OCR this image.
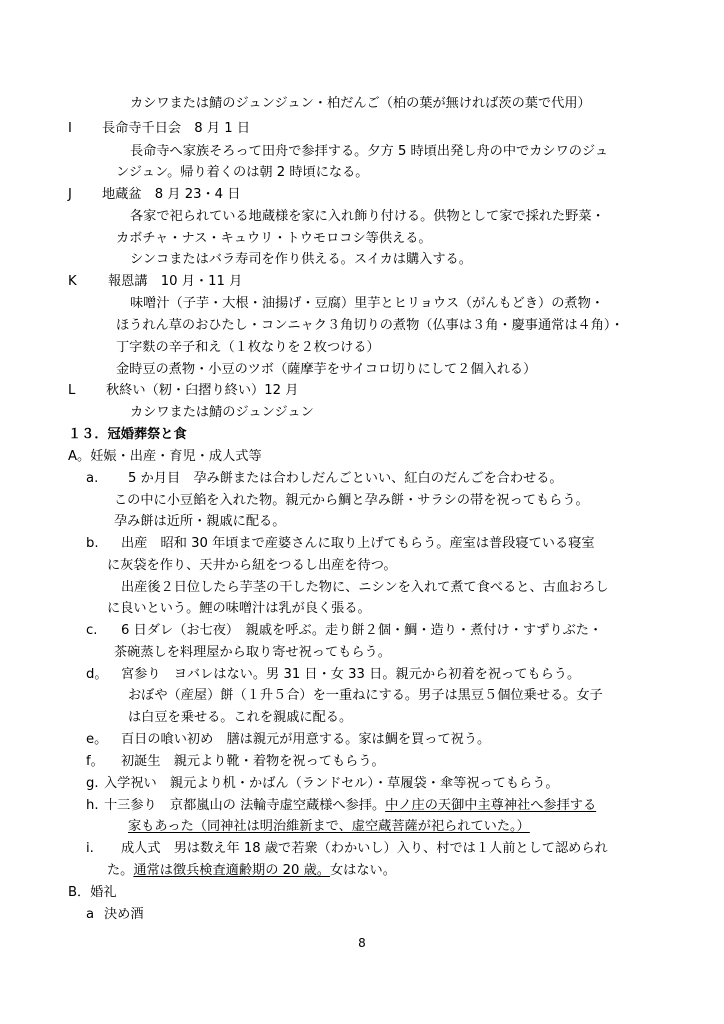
カシワまたは鯖のジュンジュン・柏だんご（柏の葉が無ければ茨の葉で代用）
I 長命寺千日会　8 月 1 日
長命寺へ家族そろって田舟で参拝する。夕方 5 時頃出発し舟の中でカシワのジュ
ンジュン。帰り着くのは朝 2 時頃になる。
J 地蔵盆　8 月 23・4 日
各家で祀られている地蔵様を家に入れ飾り付ける。供物として家で採れた野菜・
カボチャ・ナス・キュウリ・トウモロコシ等供える。
シンコまたはバラ寿司を作り供える。スイカは購入する。
K 報恩講　10 月・11 月
味噌汁（子芋・大根・油揚げ・豆腐）里芋とヒリョウス（がんもどき）の煮物・
ほうれん草のおひたし・コンニャク３角切りの煮物（仏事は３角・慶事通常は４角）・
丁字麩の辛子和え（１枚なりを２枚つける）
金時豆の煮物・小豆のツボ（薩摩芋をサイコロ切りにして２個入れる）
L 秋終い（籾・臼摺り終い）12 月
カシワまたは鯖のジュンジュン
１３．冠婚葬祭と食
A。妊娠・出産・育児・成人式等
a. 5 か月目　孕み餅または合わしだんごといい、紅白のだんごを合わせる。
この中に小豆餡を入れた物。親元から鯛と孕み餅・サラシの帯を祝ってもらう。
孕み餅は近所・親戚に配る。
b. 出産　昭和 30 年頃まで産婆さんに取り上げてもらう。産室は普段寝ている寝室
に灰袋を作り、天井から紐をつるし出産を待つ。
出産後２日位したら芋茎の干した物に、ニシンを入れて煮て食べると、古血おろし
に良いという。鯉の味噌汁は乳が良く張る。
c. 6 日ダレ（お七夜）　親戚を呼ぶ。走り餅２個・鯛・造り・煮付け・すずりぶた・
茶碗蒸しを料理屋から取り寄せ祝ってもらう。
d。 宮参り　ヨバレはない。男 31 日・女 33 日。親元から初着を祝ってもらう。
おぼや（産屋）餅（１升５合）を一重ねにする。男子は黒豆５個位乗せる。女子
は白豆を乗せる。これを親戚に配る。
e。 百日の喰い初め　膳は親元が用意する。家は鯛を買って祝う。
f。 初誕生　親元より靴・着物を祝ってもらう。
g. 入学祝い　親元より机・かばん（ランドセル）・草履袋・傘等祝ってもらう。
h. 十三参り　京都嵐山の 法輪寺虚空蔵様へ参拝。中ノ庄の天御中主尊神社へ参拝する
家もあった（同神社は明治維新まで、虚空蔵菩薩が祀られていた。）
i. 成人式　男は数え年 18 歳で若衆（わかいし）入り、村では１人前として認められ
た。通常は徴兵検査適齢期の 20 歳。女はない。
B．婚礼
a 決め酒
8
